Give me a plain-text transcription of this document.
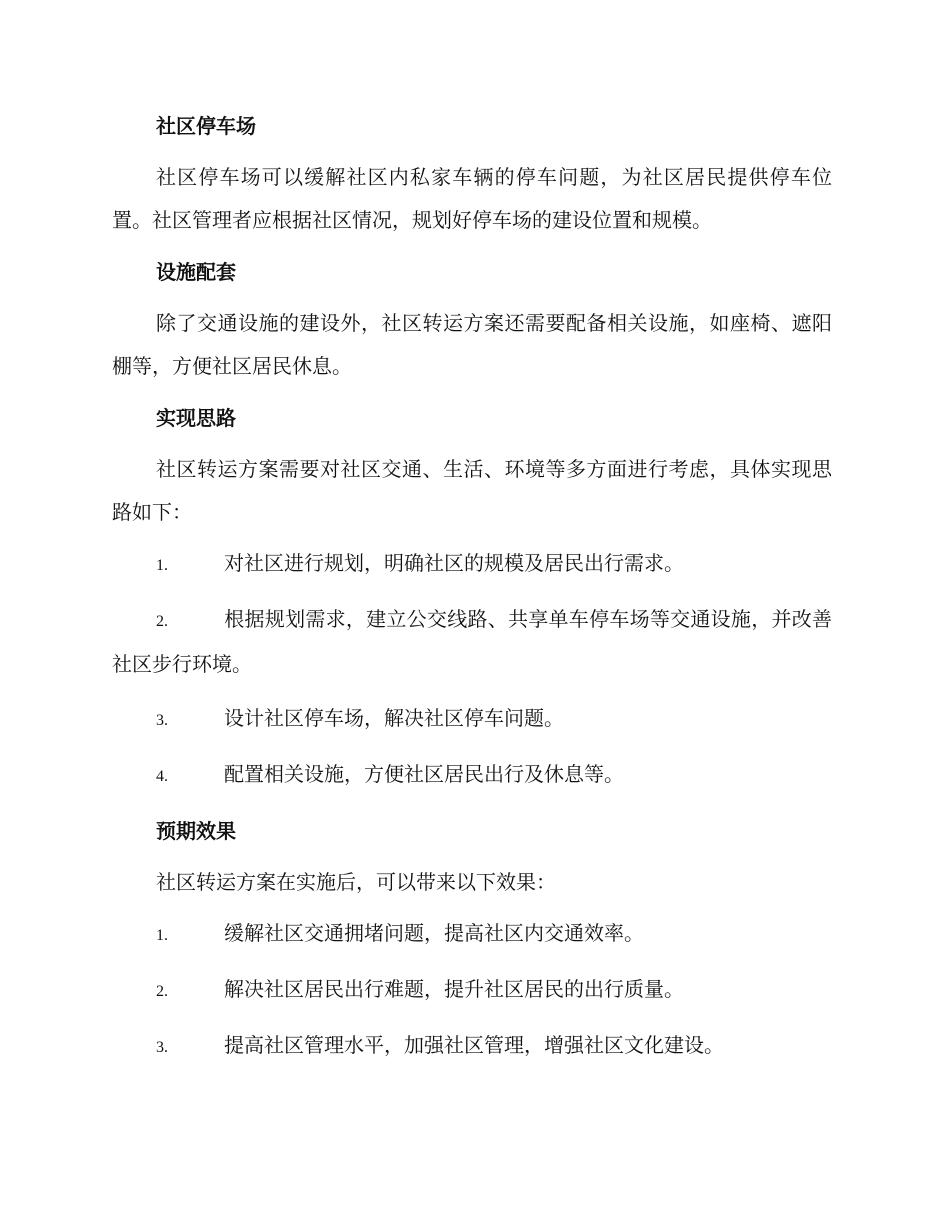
社区停车场
社区停车场可以缓解社区内私家车辆的停车问题，为社区居民提供停车位置。社区管理者应根据社区情况，规划好停车场的建设位置和规模。
设施配套
除了交通设施的建设外，社区转运方案还需要配备相关设施，如座椅、遮阳棚等，方便社区居民休息。
实现思路
社区转运方案需要对社区交通、生活、环境等多方面进行考虑，具体实现思路如下：
1.	对社区进行规划，明确社区的规模及居民出行需求。
2.	根据规划需求，建立公交线路、共享单车停车场等交通设施，并改善社区步行环境。
3.	设计社区停车场，解决社区停车问题。
4.	配置相关设施，方便社区居民出行及休息等。
预期效果
社区转运方案在实施后，可以带来以下效果：
1.	缓解社区交通拥堵问题，提高社区内交通效率。
2.	解决社区居民出行难题，提升社区居民的出行质量。
3.	提高社区管理水平，加强社区管理，增强社区文化建设。
